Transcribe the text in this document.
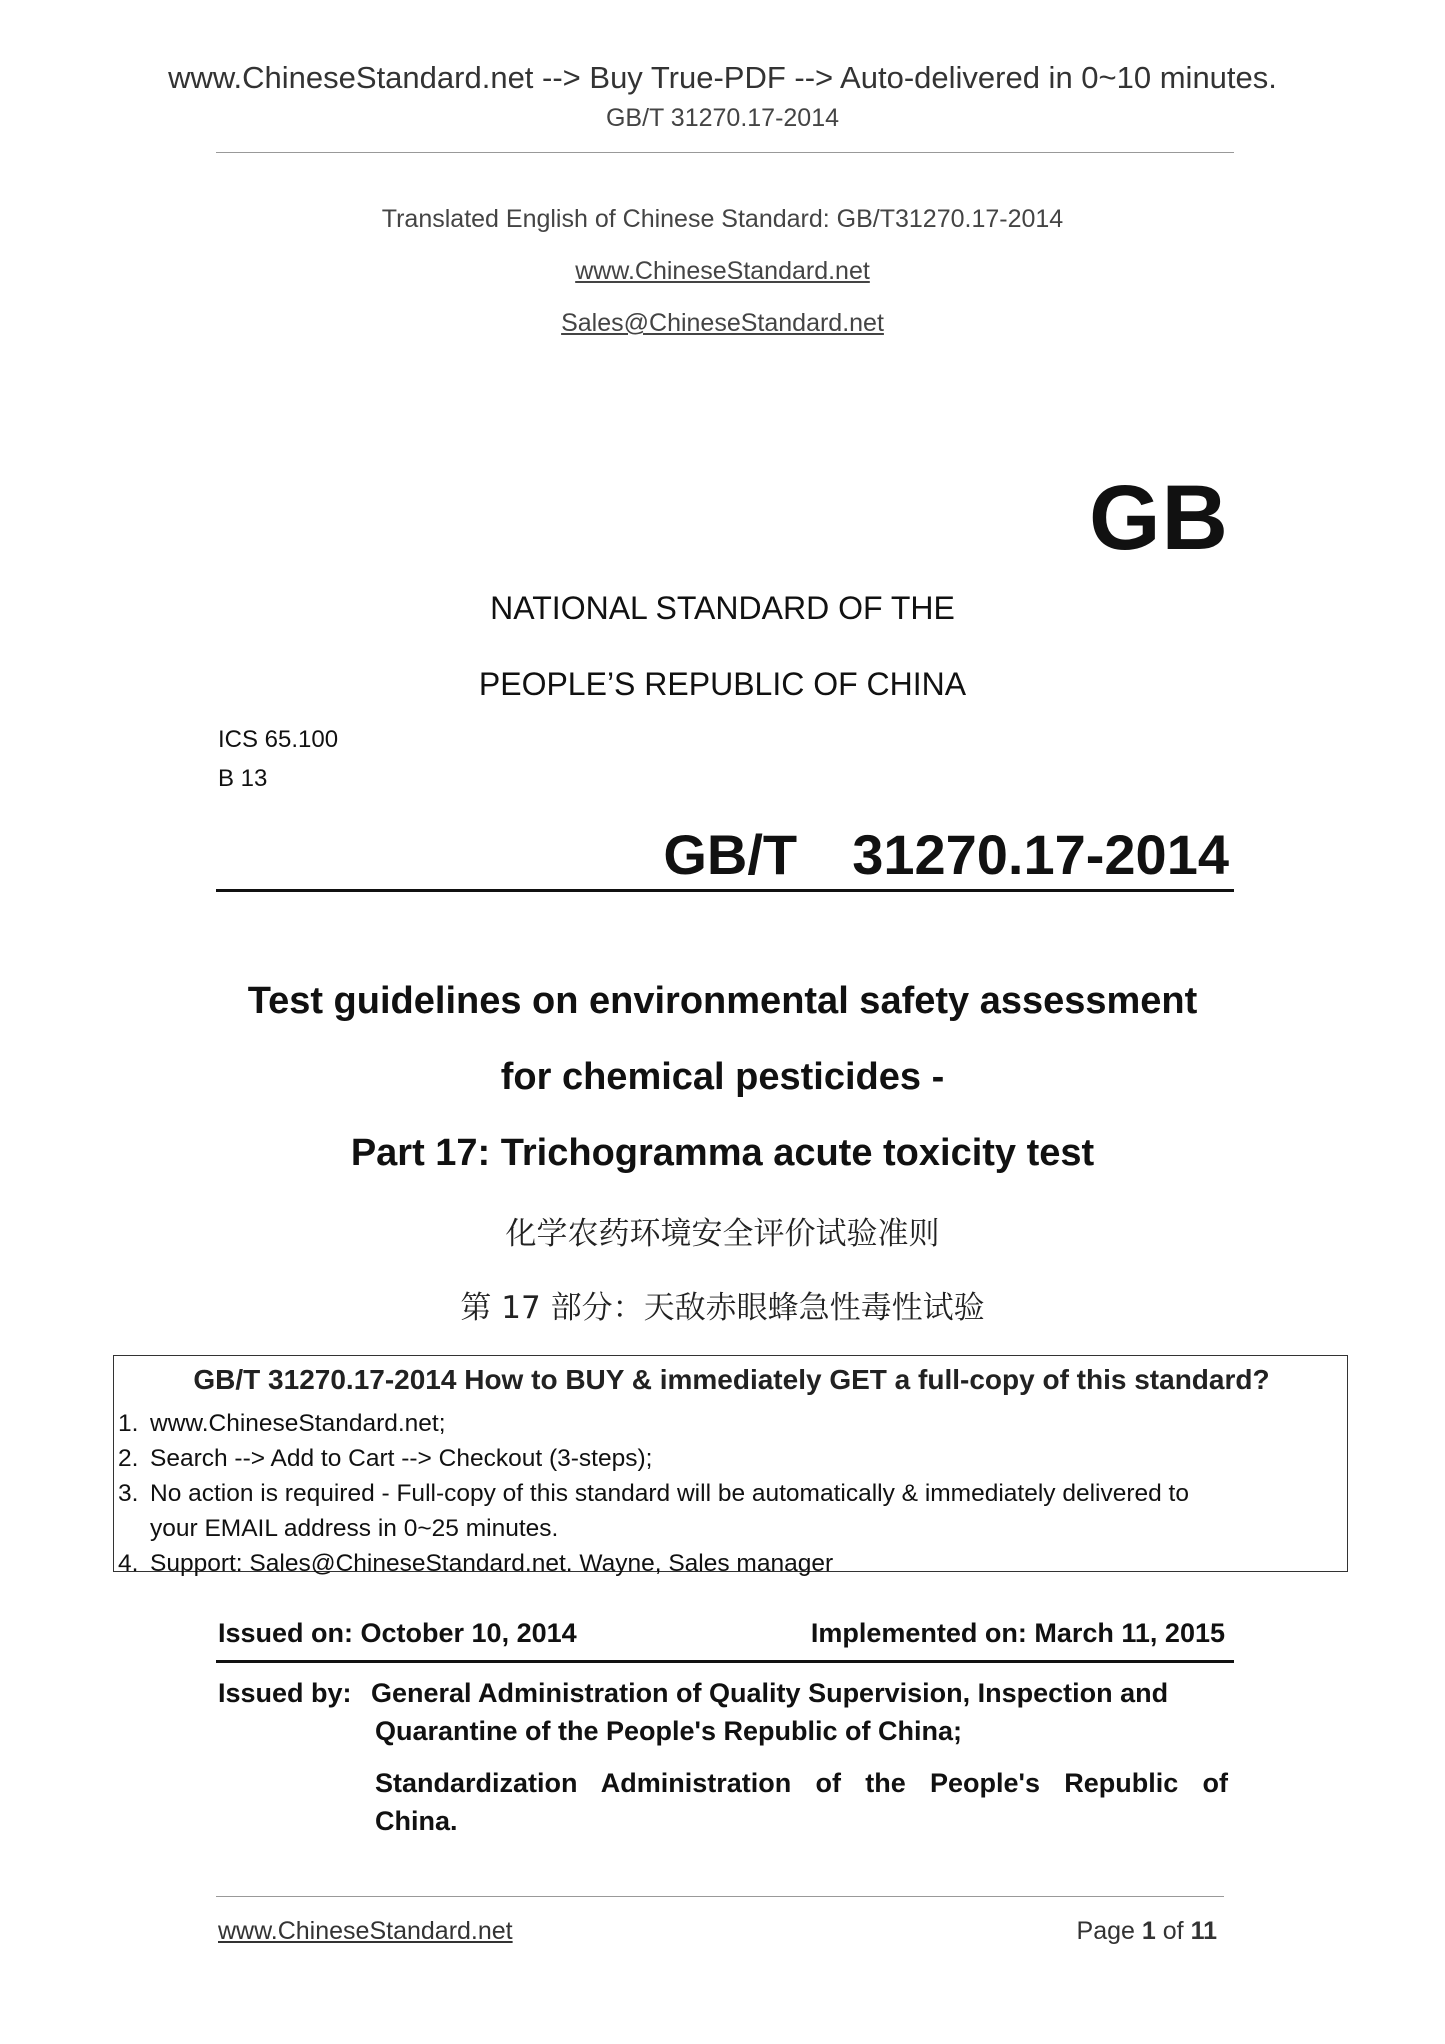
www.ChineseStandard.net --> Buy True-PDF --> Auto-delivered in 0~10 minutes.
GB/T 31270.17-2014
Translated English of Chinese Standard: GB/T31270.17-2014
www.ChineseStandard.net
Sales@ChineseStandard.net
GB
NATIONAL STANDARD OF THE
PEOPLE’S REPUBLIC OF CHINA
ICS 65.100
B 13
GB/T  31270.17-2014
Test guidelines on environmental safety assessment
for chemical pesticides -
Part 17: Trichogramma acute toxicity test
化学农药环境安全评价试验准则
第 17 部分：天敌赤眼蜂急性毒性试验
GB/T 31270.17-2014 How to BUY & immediately GET a full-copy of this standard?
1. www.ChineseStandard.net;
2. Search --> Add to Cart --> Checkout (3-steps);
3. No action is required - Full-copy of this standard will be automatically & immediately delivered to
your EMAIL address in 0~25 minutes.
4. Support: Sales@ChineseStandard.net. Wayne, Sales manager
Issued on: October 10, 2014	Implemented on: March 11, 2015
Issued by: General Administration of Quality Supervision, Inspection and
Quarantine of the People's Republic of China;
Standardization Administration of the People's Republic of
China.
www.ChineseStandard.net	Page 1 of 11
